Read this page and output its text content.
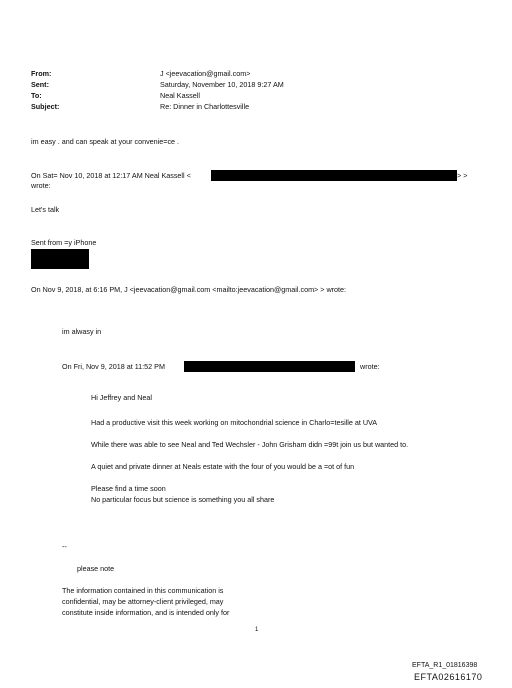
From:	J <jeevacation@gmail.com>
Sent:	Saturday, November 10, 2018 9:27 AM
To:	Neal Kassell
Subject:	Re: Dinner in Charlottesville
im easy . and can speak at your convenie=ce .
On Sat= Nov 10, 2018 at 12:17 AM Neal Kassell <	> >
wrote:
Let's talk
Sent from =y iPhone
On Nov 9, 2018, at 6:16 PM, J <jeevacation@gmail.com <mailto:jeevacation@gmail.com> > wrote:
im alwasy in
On Fri, Nov 9, 2018 at 11:52 PM	wrote:
Hi Jeffrey and Neal
Had a productive visit this week working on mitochondrial science in Charlo=tesille at UVA
While there was able to see Neal and Ted Wechsler - John Grisham didn =99t join us but wanted to.
A quiet and private dinner at Neals estate with the four of you would be a =ot of fun
Please find a time soon
No particular focus but science is something you all share
--
please note
The information contained in this communication is
confidential, may be attorney-client privileged, may
constitute inside information, and is intended only for
1
EFTA_R1_01816398
EFTA02616170
